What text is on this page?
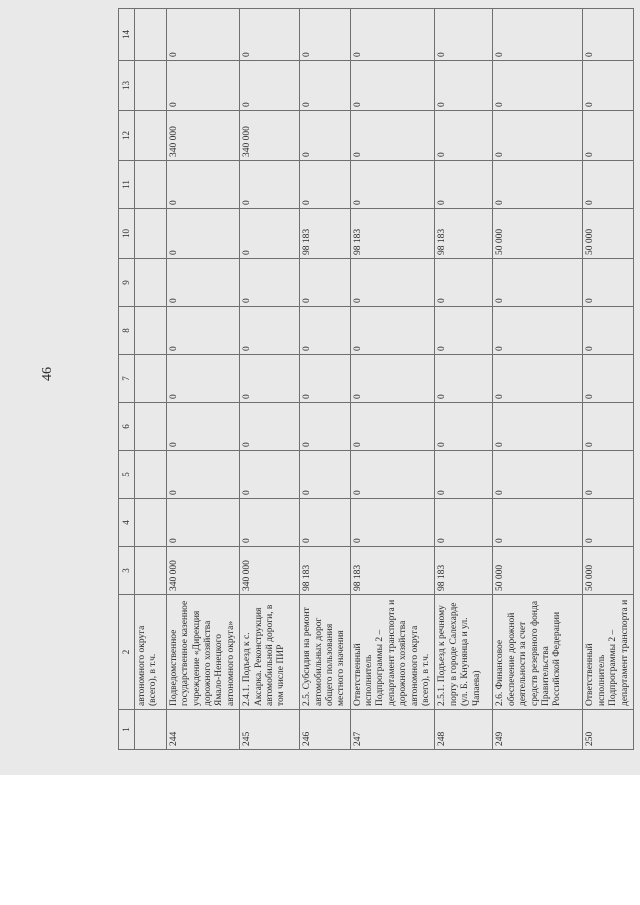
46
1	2	3	4	5	6	7	8	9	10	11	12	13	14
	автономного округа (всего), в т.ч.												
244	Подведомственное государственное казенное учреждение «Дирекция дорожного хозяйства Ямало-Ненецкого автономного округа»	340 000	0	0	0	0	0	0	0	0	340 000	0	0
245	2.4.1. Подъезд к с. Аксарка. Реконструкция автомобильной дороги, в том числе ПИР	340 000	0	0	0	0	0	0	0	0	340 000	0	0
246	2.5. Субсидия на ремонт автомобильных дорог общего пользования местного значения	98 183	0	0	0	0	0	0	98 183	0	0	0	0
247	Ответственный исполнитель Подпрограммы 2 – департамент транспорта и дорожного хозяйства автономного округа (всего), в т.ч.	98 183	0	0	0	0	0	0	98 183	0	0	0	0
248	2.5.1. Подъезд к речному порту в городе Салехарде (ул. Б. Кнунянца и ул. Чапаева)	98 183	0	0	0	0	0	0	98 183	0	0	0	0
249	2.6. Финансовое обеспечение дорожной деятельности за счет средств резервного фонда Правительства Российской Федерации	50 000	0	0	0	0	0	0	50 000	0	0	0	0
250	Ответственный исполнитель Подпрограммы 2 – департамент транспорта и	50 000	0	0	0	0	0	0	50 000	0	0	0	0
